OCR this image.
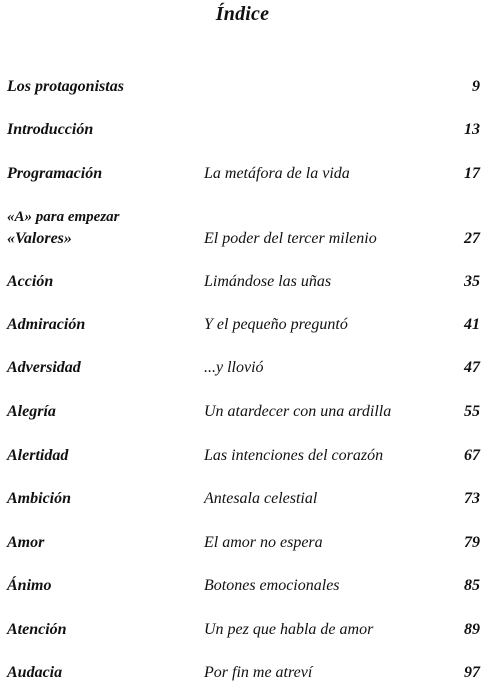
Índice
Los protagonistas	9
Introducción	13
Programación	La metáfora de la vida	17
«A» para empezar
«Valores»	El poder del tercer milenio	27
Acción	Limándose las uñas	35
Admiración	Y el pequeño preguntó	41
Adversidad	...y llovió	47
Alegría	Un atardecer con una ardilla	55
Alertidad	Las intenciones del corazón	67
Ambición	Antesala celestial	73
Amor	El amor no espera	79
Ánimo	Botones emocionales	85
Atención	Un pez que habla de amor	89
Audacia	Por fin me atreví	97
